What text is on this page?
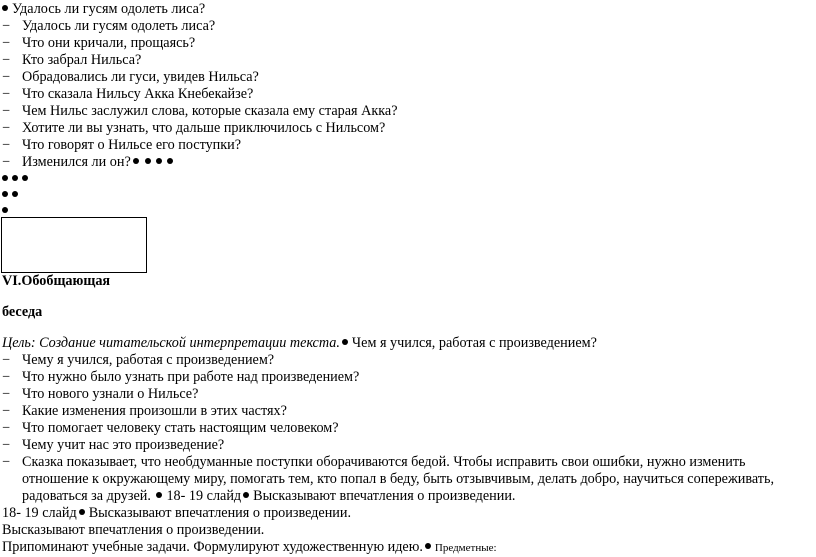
Удалось ли гусям одолеть лиса?
− Удалось ли гусям одолеть лиса?
− Что они кричали, прощаясь?
− Кто забрал Нильса?
− Обрадовались ли гуси, увидев Нильса?
− Что сказала Нильсу Акка Кнебекайзе?
− Чем Нильс заслужил слова, которые сказала ему старая Акка?
− Хотите ли вы узнать, что дальше приключилось с Нильсом?
− Что говорят о Нильсе его поступки?
− Изменился ли он?
VI.Обобщающая
беседа
Цель: Создание читательской интерпретации текста. Чем я учился, работая с произведением?
− Чему я учился, работая с произведением?
− Что нужно было узнать при работе над произведением?
− Что нового узнали о Нильсе?
− Какие изменения произошли в этих частях?
− Что помогает человеку стать настоящим человеком?
− Чему учит нас это произведение?
− Сказка показывает, что необдуманные поступки оборачиваются бедой. Чтобы исправить свои ошибки, нужно изменить
отношение к окружающему миру, помогать тем, кто попал в беду, быть отзывчивым, делать добро, научиться сопереживать,
радоваться за друзей. 18- 19 слайд Высказывают впечатления о произведении.
18- 19 слайд Высказывают впечатления о произведении.
Высказывают впечатления о произведении.
Припоминают учебные задачи. Формулируют художественную идею. Предметные:
